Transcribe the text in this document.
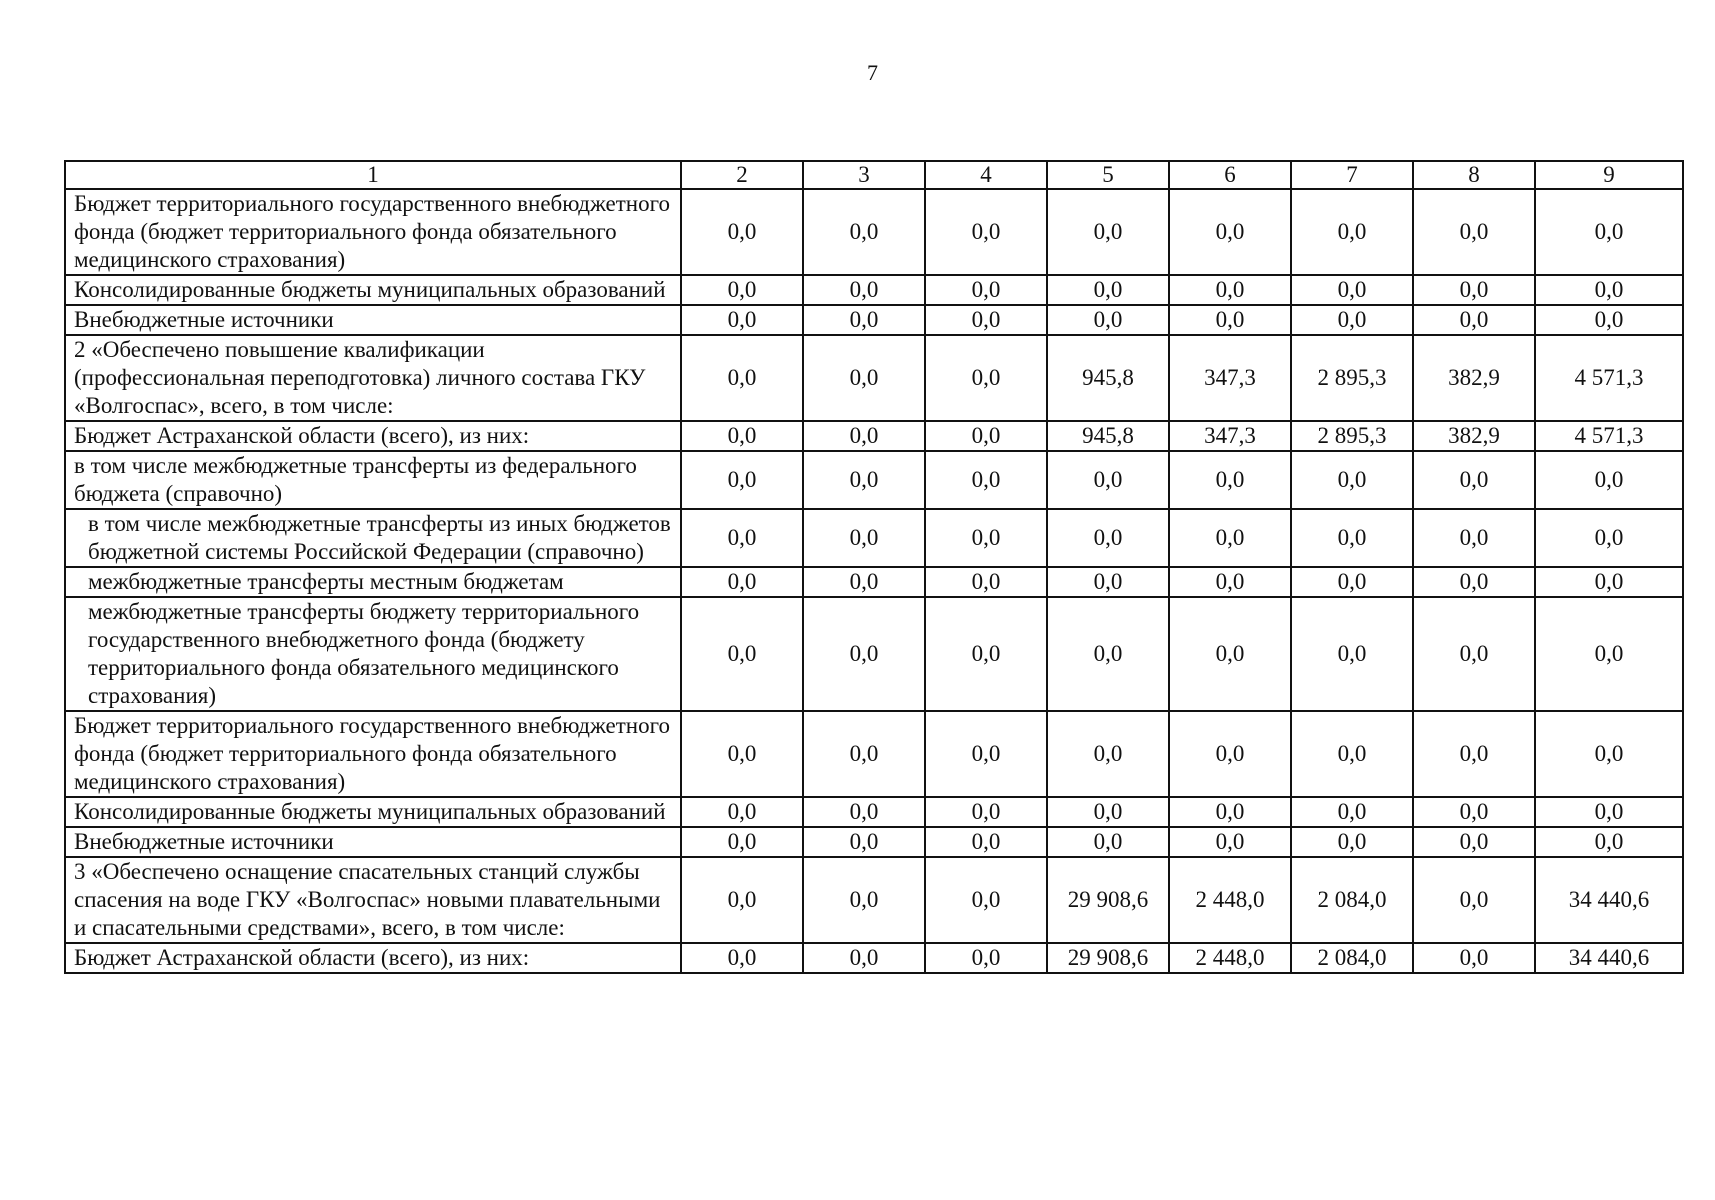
7
1	2	3	4	5	6	7	8	9
Бюджет территориального государственного внебюджетного фонда (бюджет территориального фонда обязательного медицинского страхования)	0,0	0,0	0,0	0,0	0,0	0,0	0,0	0,0
Консолидированные бюджеты муниципальных образований	0,0	0,0	0,0	0,0	0,0	0,0	0,0	0,0
Внебюджетные источники	0,0	0,0	0,0	0,0	0,0	0,0	0,0	0,0
2 «Обеспечено повышение квалификации (профессиональная переподготовка) личного состава ГКУ «Волгоспас», всего, в том числе:	0,0	0,0	0,0	945,8	347,3	2 895,3	382,9	4 571,3
Бюджет Астраханской области (всего), из них:	0,0	0,0	0,0	945,8	347,3	2 895,3	382,9	4 571,3
в том числе межбюджетные трансферты из федерального бюджета (справочно)	0,0	0,0	0,0	0,0	0,0	0,0	0,0	0,0
в том числе межбюджетные трансферты из иных бюджетов бюджетной системы Российской Федерации (справочно)	0,0	0,0	0,0	0,0	0,0	0,0	0,0	0,0
межбюджетные трансферты местным бюджетам	0,0	0,0	0,0	0,0	0,0	0,0	0,0	0,0
межбюджетные трансферты бюджету территориального государственного внебюджетного фонда (бюджету территориального фонда обязательного медицинского страхования)	0,0	0,0	0,0	0,0	0,0	0,0	0,0	0,0
Бюджет территориального государственного внебюджетного фонда (бюджет территориального фонда обязательного медицинского страхования)	0,0	0,0	0,0	0,0	0,0	0,0	0,0	0,0
Консолидированные бюджеты муниципальных образований	0,0	0,0	0,0	0,0	0,0	0,0	0,0	0,0
Внебюджетные источники	0,0	0,0	0,0	0,0	0,0	0,0	0,0	0,0
3 «Обеспечено оснащение спасательных станций службы спасения на воде ГКУ «Волгоспас» новыми плавательными и спасательными средствами», всего, в том числе:	0,0	0,0	0,0	29 908,6	2 448,0	2 084,0	0,0	34 440,6
Бюджет Астраханской области (всего), из них:	0,0	0,0	0,0	29 908,6	2 448,0	2 084,0	0,0	34 440,6
